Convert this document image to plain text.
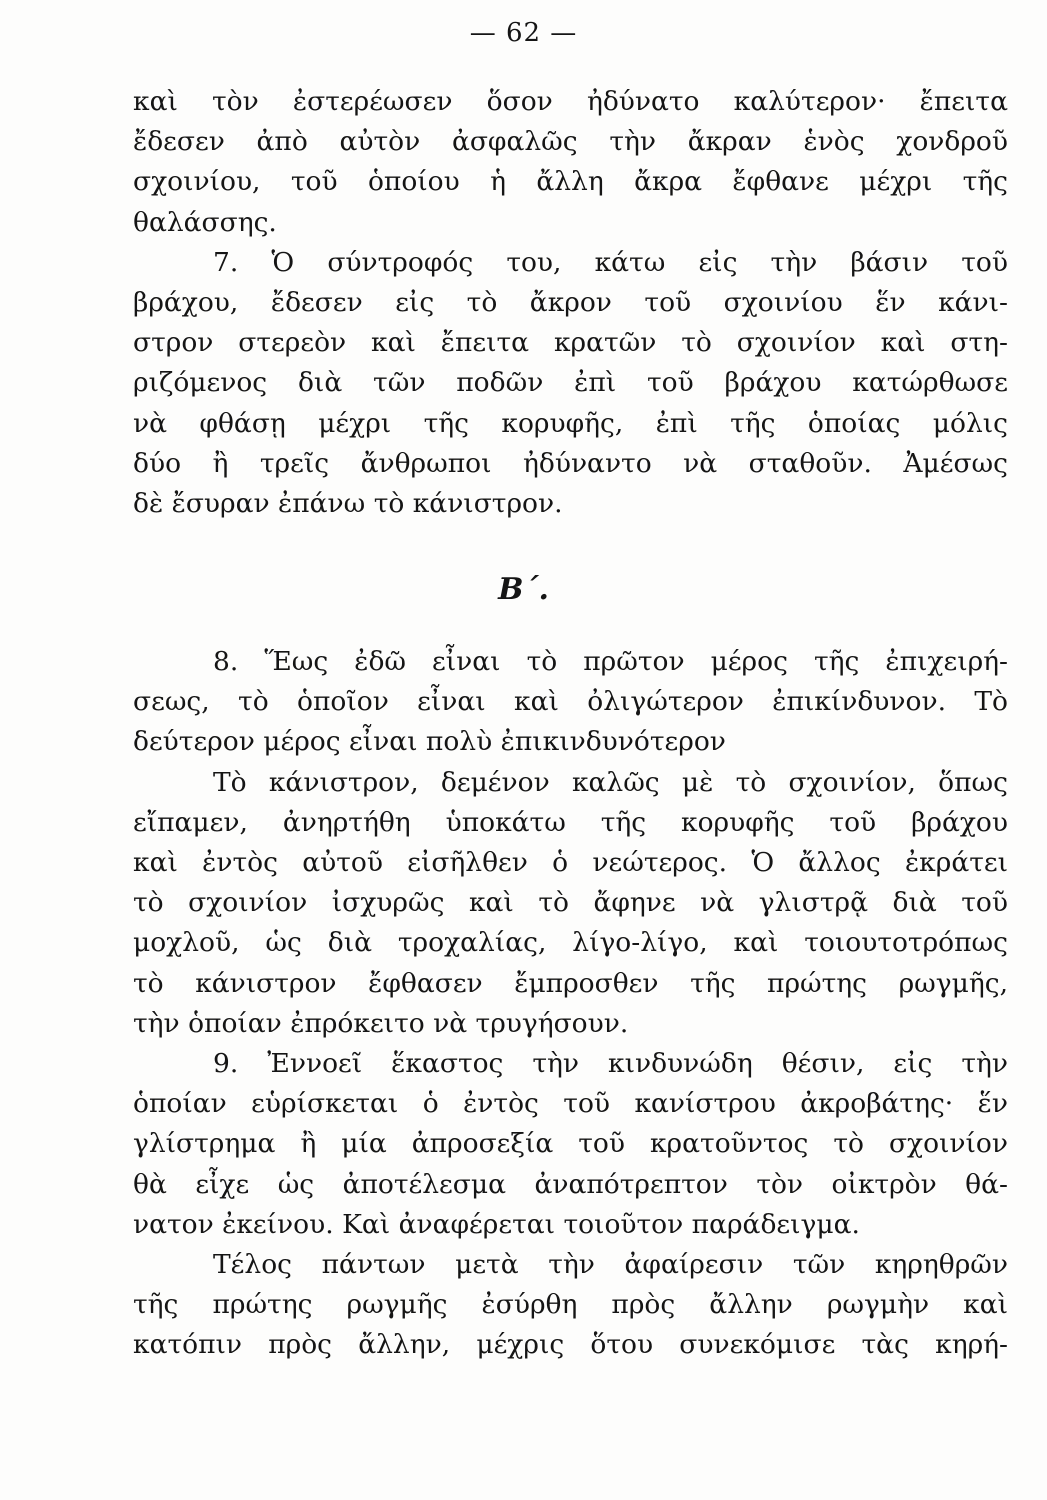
— 62 —
καὶ τὸν ἐστερέωσεν ὅσον ἠδύνατο καλύτερον· ἔπειτα
ἔδεσεν ἀπὸ αὐτὸν ἀσφαλῶς τὴν ἄκραν ἑνὸς χονδροῦ
σχοινίου, τοῦ ὁποίου ἡ ἄλλη ἄκρα ἔφθανε μέχρι τῆς
θαλάσσης.
7. Ὁ σύντροφός του, κάτω εἰς τὴν βάσιν τοῦ
βράχου, ἔδεσεν εἰς τὸ ἄκρον τοῦ σχοινίου ἕν κάνι-
στρον στερεὸν καὶ ἔπειτα κρατῶν τὸ σχοινίον καὶ στη-
ριζόμενος διὰ τῶν ποδῶν ἐπὶ τοῦ βράχου κατώρθωσε
νὰ φθάσῃ μέχρι τῆς κορυφῆς, ἐπὶ τῆς ὁποίας μόλις
δύο ἢ τρεῖς ἄνθρωποι ἠδύναντο νὰ σταθοῦν. Ἀμέσως
δὲ ἔσυραν ἐπάνω τὸ κάνιστρον.
Β΄.
8. Ἕως ἐδῶ εἶναι τὸ πρῶτον μέρος τῆς ἐπιχειρή-
σεως, τὸ ὁποῖον εἶναι καὶ ὀλιγώτερον ἐπικίνδυνον. Τὸ
δεύτερον μέρος εἶναι πολὺ ἐπικινδυνότερον
Τὸ κάνιστρον, δεμένον καλῶς μὲ τὸ σχοινίον, ὅπως
εἴπαμεν, ἀνηρτήθη ὑποκάτω τῆς κορυφῆς τοῦ βράχου
καὶ ἐντὸς αὐτοῦ εἰσῆλθεν ὁ νεώτερος. Ὁ ἄλλος ἐκράτει
τὸ σχοινίον ἰσχυρῶς καὶ τὸ ἄφηνε νὰ γλιστρᾷ διὰ τοῦ
μοχλοῦ, ὡς διὰ τροχαλίας, λίγο-λίγο, καὶ τοιουτοτρόπως
τὸ κάνιστρον ἔφθασεν ἔμπροσθεν τῆς πρώτης ρωγμῆς,
τὴν ὁποίαν ἐπρόκειτο νὰ τρυγήσουν.
9. Ἐννοεῖ ἕκαστος τὴν κινδυνώδη θέσιν, εἰς τὴν
ὁποίαν εὑρίσκεται ὁ ἐντὸς τοῦ κανίστρου ἀκροβάτης· ἕν
γλίστρημα ἢ μία ἀπροσεξία τοῦ κρατοῦντος τὸ σχοινίον
θὰ εἶχε ὡς ἀποτέλεσμα ἀναπότρεπτον τὸν οἰκτρὸν θά-
νατον ἐκείνου. Καὶ ἀναφέρεται τοιοῦτον παράδειγμα.
Τέλος πάντων μετὰ τὴν ἀφαίρεσιν τῶν κηρηθρῶν
τῆς πρώτης ρωγμῆς ἐσύρθη πρὸς ἄλλην ρωγμὴν καὶ
κατόπιν πρὸς ἄλλην, μέχρις ὅτου συνεκόμισε τὰς κηρή-
